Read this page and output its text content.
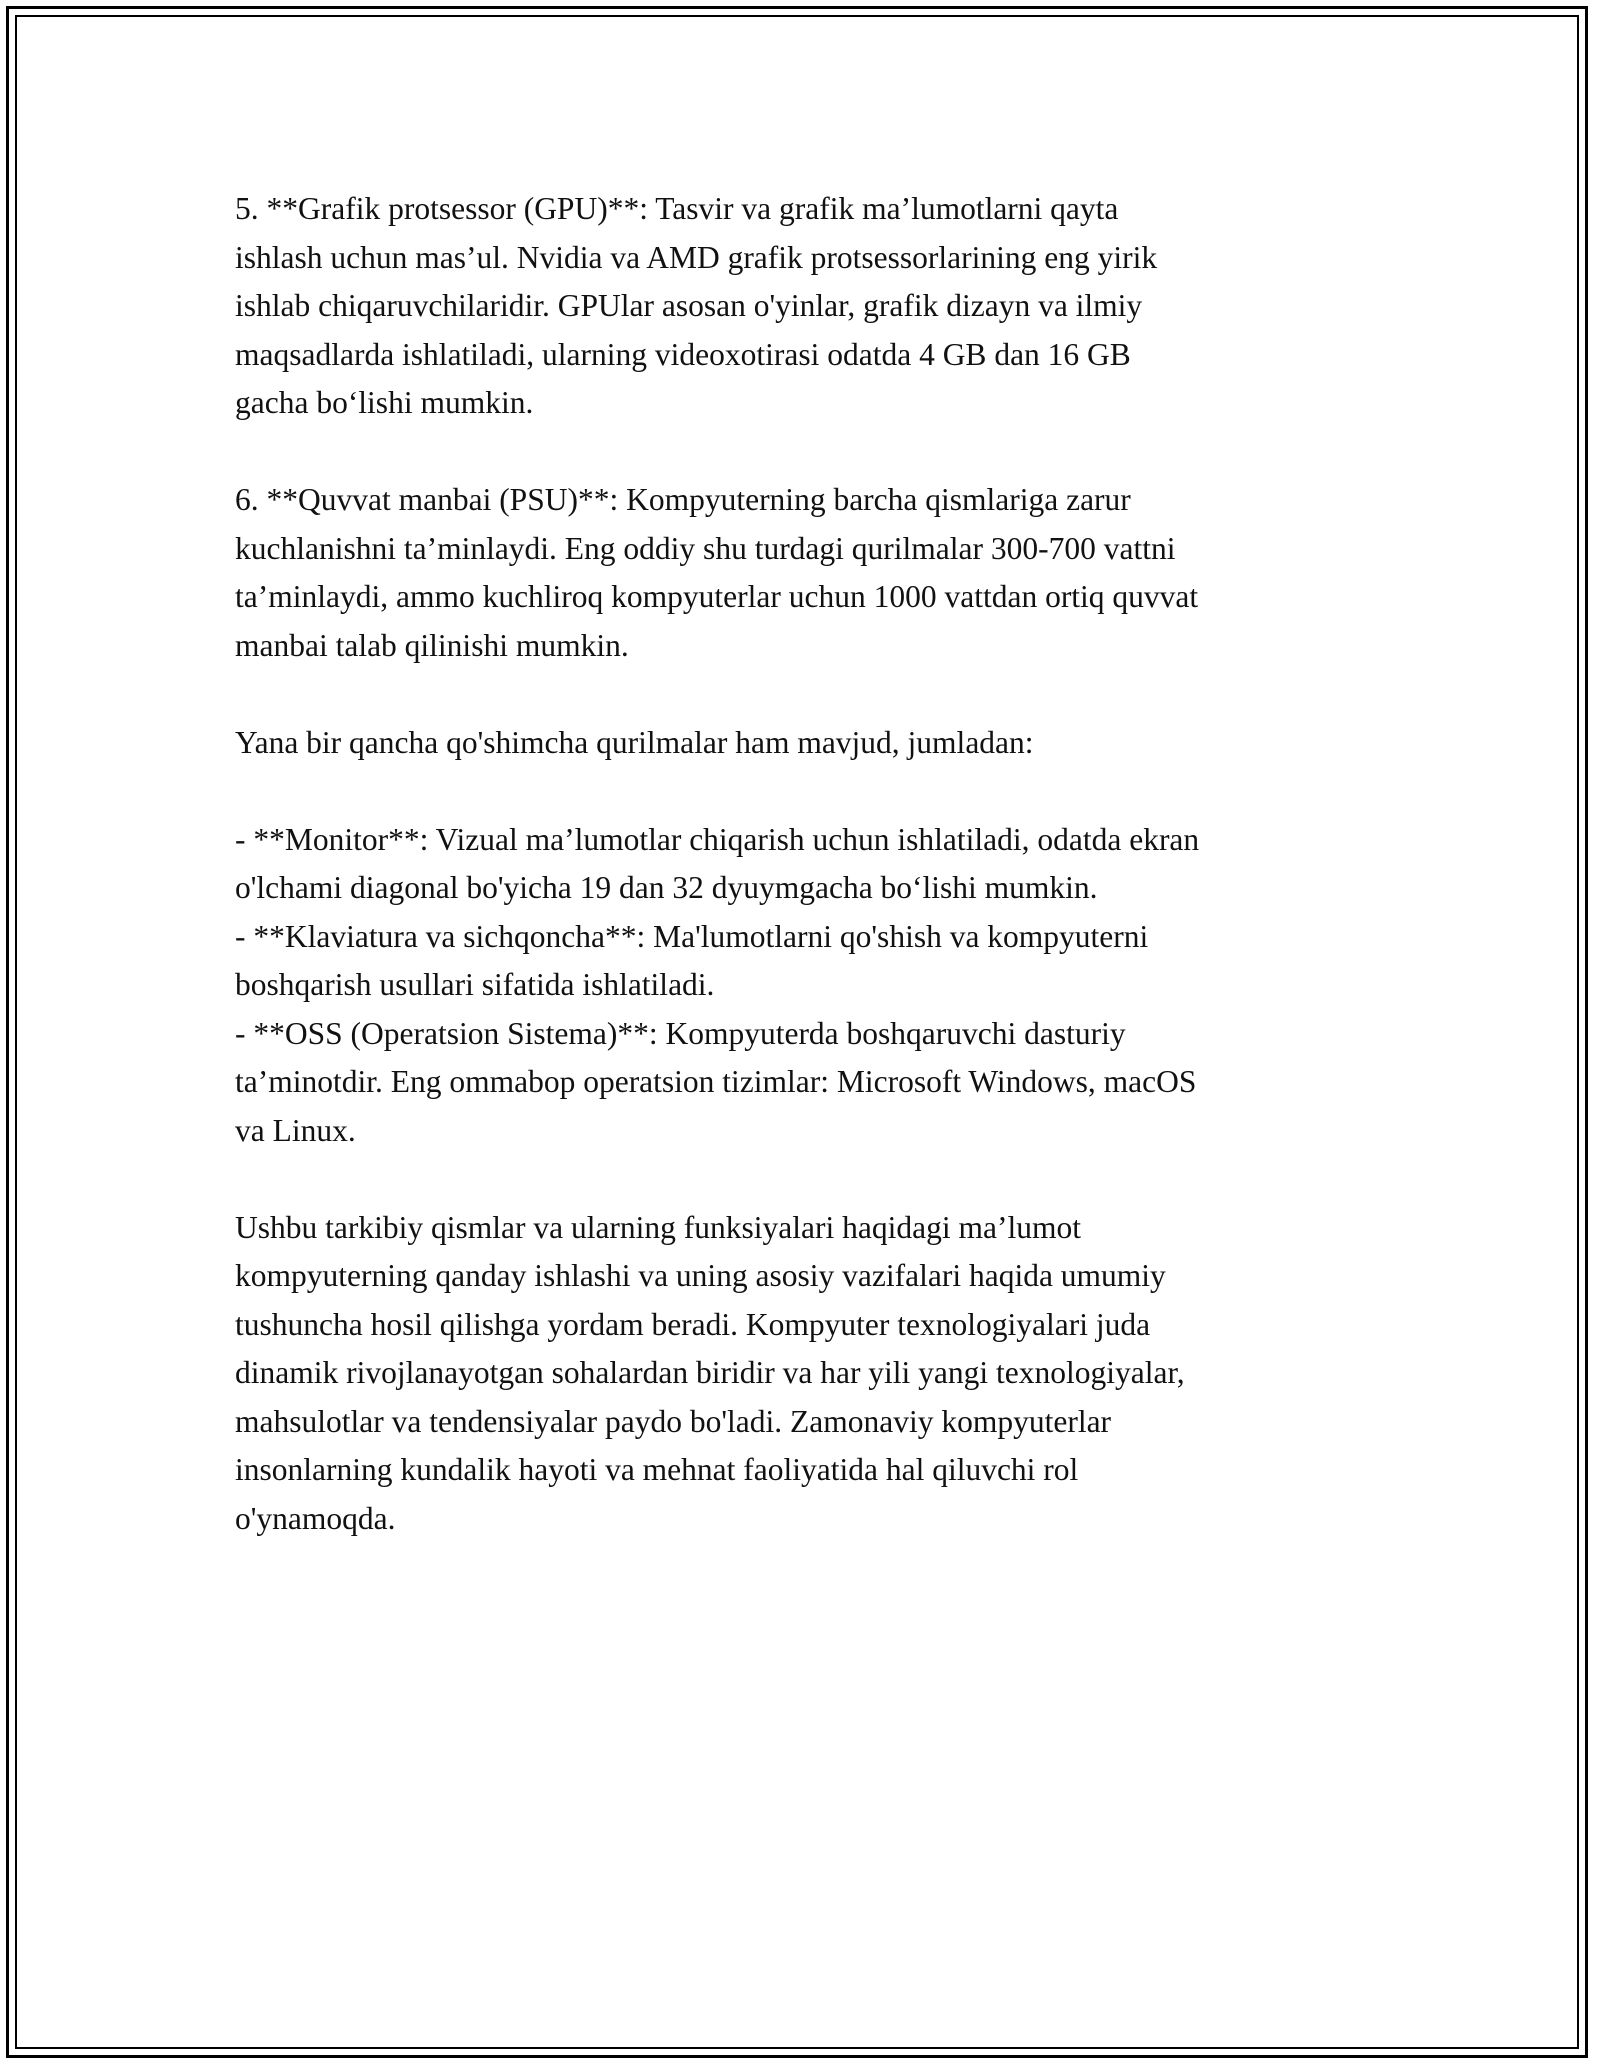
5. **Grafik protsessor (GPU)**: Tasvir va grafik ma’lumotlarni qayta
ishlash uchun mas’ul. Nvidia va AMD grafik protsessorlarining eng yirik
ishlab chiqaruvchilaridir. GPUlar asosan o'yinlar, grafik dizayn va ilmiy
maqsadlarda ishlatiladi, ularning videoxotirasi odatda 4 GB dan 16 GB
gacha bo‘lishi mumkin.

6. **Quvvat manbai (PSU)**: Kompyuterning barcha qismlariga zarur
kuchlanishni ta’minlaydi. Eng oddiy shu turdagi qurilmalar 300-700 vattni
ta’minlaydi, ammo kuchliroq kompyuterlar uchun 1000 vattdan ortiq quvvat
manbai talab qilinishi mumkin.

Yana bir qancha qo'shimcha qurilmalar ham mavjud, jumladan:

- **Monitor**: Vizual ma’lumotlar chiqarish uchun ishlatiladi, odatda ekran
o'lchami diagonal bo'yicha 19 dan 32 dyuymgacha bo‘lishi mumkin.

- **Klaviatura va sichqoncha**: Ma'lumotlarni qo'shish va kompyuterni
boshqarish usullari sifatida ishlatiladi.

- **OSS (Operatsion Sistema)**: Kompyuterda boshqaruvchi dasturiy
ta’minotdir. Eng ommabop operatsion tizimlar: Microsoft Windows, macOS
va Linux.

Ushbu tarkibiy qismlar va ularning funksiyalari haqidagi ma’lumot
kompyuterning qanday ishlashi va uning asosiy vazifalari haqida umumiy
tushuncha hosil qilishga yordam beradi. Kompyuter texnologiyalari juda
dinamik rivojlanayotgan sohalardan biridir va har yili yangi texnologiyalar,
mahsulotlar va tendensiyalar paydo bo'ladi. Zamonaviy kompyuterlar
insonlarning kundalik hayoti va mehnat faoliyatida hal qiluvchi rol
o'ynamoqda.
